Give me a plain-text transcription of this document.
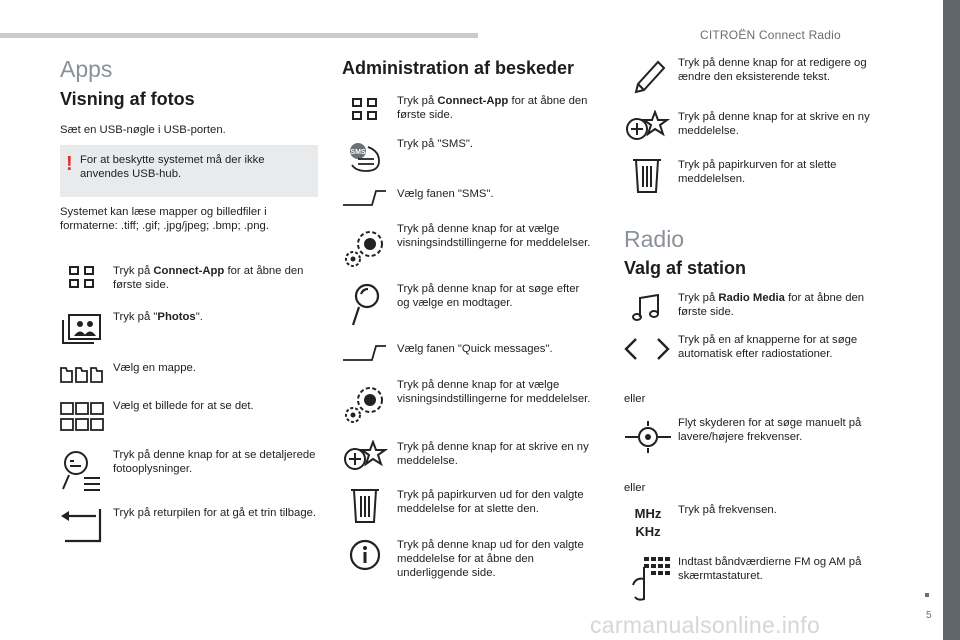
CITROËN Connect Radio
5
carmanualsonline.info
Apps
Visning af fotos
Sæt en USB-nøgle i USB-porten.
! For at beskytte systemet må der ikke anvendes USB-hub.
Systemet kan læse mapper og billedfiler i
formaterne: .tiff; .gif; .jpg/jpeg; .bmp; .png.
Tryk på Connect-App for at åbne den første side.
Tryk på "Photos".
Vælg en mappe.
Vælg et billede for at se det.
Tryk på denne knap for at se detaljerede fotooplysninger.
Tryk på returpilen for at gå et trin tilbage.
Administration af beskeder
Tryk på Connect-App for at åbne den første side.
SMS
Tryk på "SMS".
Vælg fanen "SMS".
Tryk på denne knap for at vælge visningsindstillingerne for meddelelser.
Tryk på denne knap for at søge efter og vælge en modtager.
Vælg fanen "Quick messages".
Tryk på denne knap for at vælge visningsindstillingerne for meddelelser.
Tryk på denne knap for at skrive en ny meddelelse.
Tryk på papirkurven ud for den valgte meddelelse for at slette den.
Tryk på denne knap ud for den valgte meddelelse for at åbne den underliggende side.
Tryk på denne knap for at redigere og ændre den eksisterende tekst.
Tryk på denne knap for at skrive en ny meddelelse.
Tryk på papirkurven for at slette meddelelsen.
Radio
Valg af station
Tryk på Radio Media for at åbne den første side.
Tryk på en af knapperne for at søge automatisk efter radiostationer.
eller
Flyt skyderen for at søge manuelt på lavere/højere frekvenser.
eller
MHz
KHz
Tryk på frekvensen.
Indtast båndværdierne FM og AM på skærmtastaturet.
